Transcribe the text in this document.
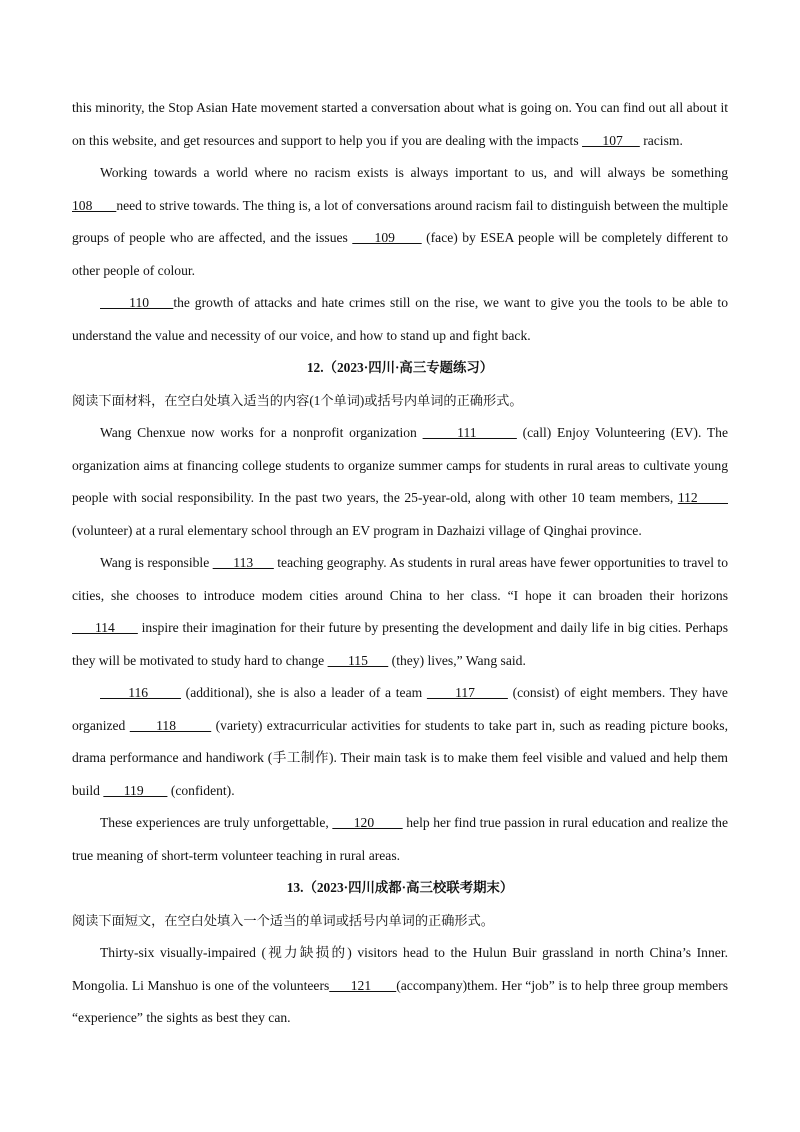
this minority, the Stop Asian Hate movement started a conversation about what is going on. You can find out all about it on this website, and get resources and support to help you if you are dealing with the impacts       107      racism.

Working towards a world where no racism exists is always important to us, and will always be something 108       need to strive towards. The thing is, a lot of conversations around racism fail to distinguish between the multiple groups of people who are affected, and the issues      109       (face) by ESEA people will be completely different to other people of colour.

110     the growth of attacks and hate crimes still on the rise, we want to give you the tools to be able to understand the value and necessity of our voice, and how to stand up and fight back.

12.（2023·四川·高三专题练习）

阅读下面材料，在空白处填入适当的内容(1个单词)或括号内单词的正确形式。

Wang Chenxue now works for a nonprofit organization       111        (call) Enjoy Volunteering (EV). The organization aims at financing college students to organize summer camps for students in rural areas to cultivate young people with social responsibility. In the past two years, the 25-year-old, along with other 10 team members, 112        (volunteer) at a rural elementary school through an EV program in Dazhaizi village of Qinghai province.

Wang is responsible       113       teaching geography. As students in rural areas have fewer opportunities to travel to cities, she chooses to introduce modem cities around China to her class. “I hope it can broaden their horizons       114       inspire their imagination for their future by presenting the development and daily life in big cities. Perhaps they will be motivated to study hard to change       115       (they) lives,” Wang said.

116        (additional), she is also a leader of a team       117        (consist) of eight members. They have organized       118         (variety) extracurricular activities for students to take part in, such as reading picture books, drama performance and handiwork (手工制作). Their main task is to make them feel visible and valued and help them build       119        (confident).

These experiences are truly unforgettable,       120         help her find true passion in rural education and realize the true meaning of short-term volunteer teaching in rural areas.

13.（2023·四川成都·高三校联考期末）

阅读下面短文，在空白处填入一个适当的单词或括号内单词的正确形式。

Thirty-six visually-impaired (视力缺损的) visitors head to the Hulun Buir grassland in north China’s Inner. Mongolia. Li Manshuo is one of the volunteers      121       (accompany)them. Her “job” is to help three group members “experience” the sights as best they can.
